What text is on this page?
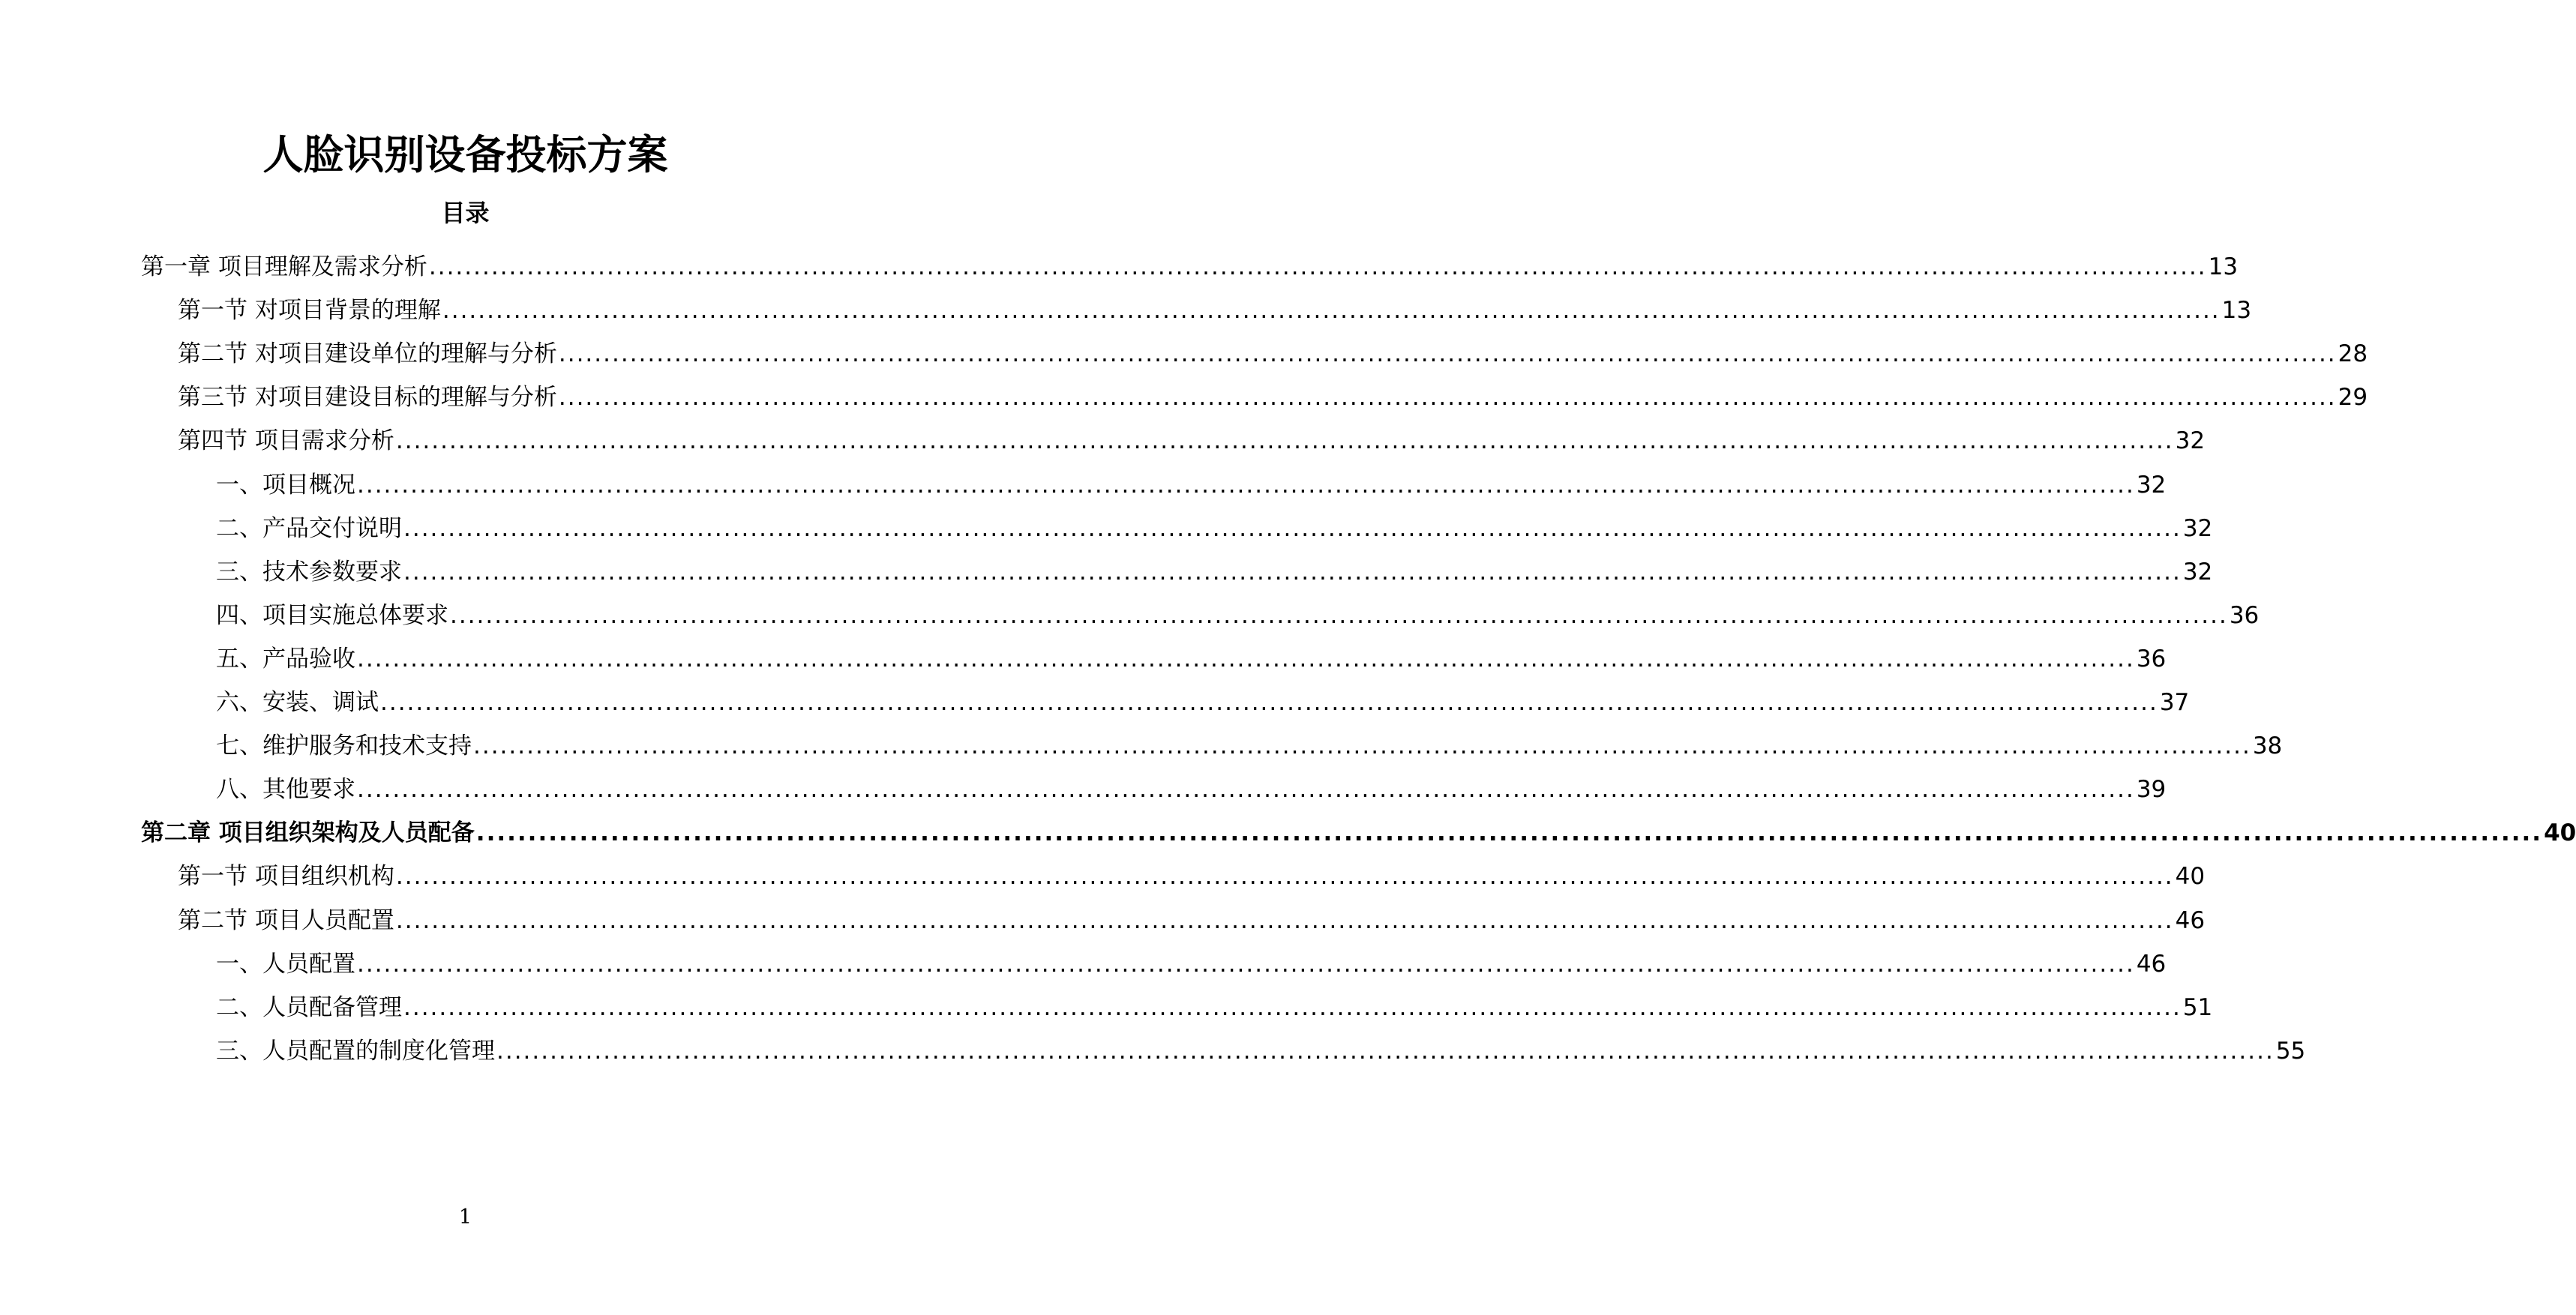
人脸识别设备投标方案
目录
第一章 项目理解及需求分析 ........................................................................................................................................................................................................ 13
第一节 对项目背景的理解 ........................................................................................................................................................................................................ 13
第二节 对项目建设单位的理解与分析 ........................................................................................................................................................................................................ 28
第三节 对项目建设目标的理解与分析 ........................................................................................................................................................................................................ 29
第四节 项目需求分析 ........................................................................................................................................................................................................ 32
一、项目概况 ........................................................................................................................................................................................................ 32
二、产品交付说明 ........................................................................................................................................................................................................ 32
三、技术参数要求 ........................................................................................................................................................................................................ 32
四、项目实施总体要求 ........................................................................................................................................................................................................ 36
五、产品验收 ........................................................................................................................................................................................................ 36
六、安装、调试 ........................................................................................................................................................................................................ 37
七、维护服务和技术支持 ........................................................................................................................................................................................................ 38
八、其他要求 ........................................................................................................................................................................................................ 39
第二章 项目组织架构及人员配备 ........................................................................................................................................................................................................ 40
第一节 项目组织机构 ........................................................................................................................................................................................................ 40
第二节 项目人员配置 ........................................................................................................................................................................................................ 46
一、人员配置 ........................................................................................................................................................................................................ 46
二、人员配备管理 ........................................................................................................................................................................................................ 51
三、人员配置的制度化管理 ........................................................................................................................................................................................................ 55
1
